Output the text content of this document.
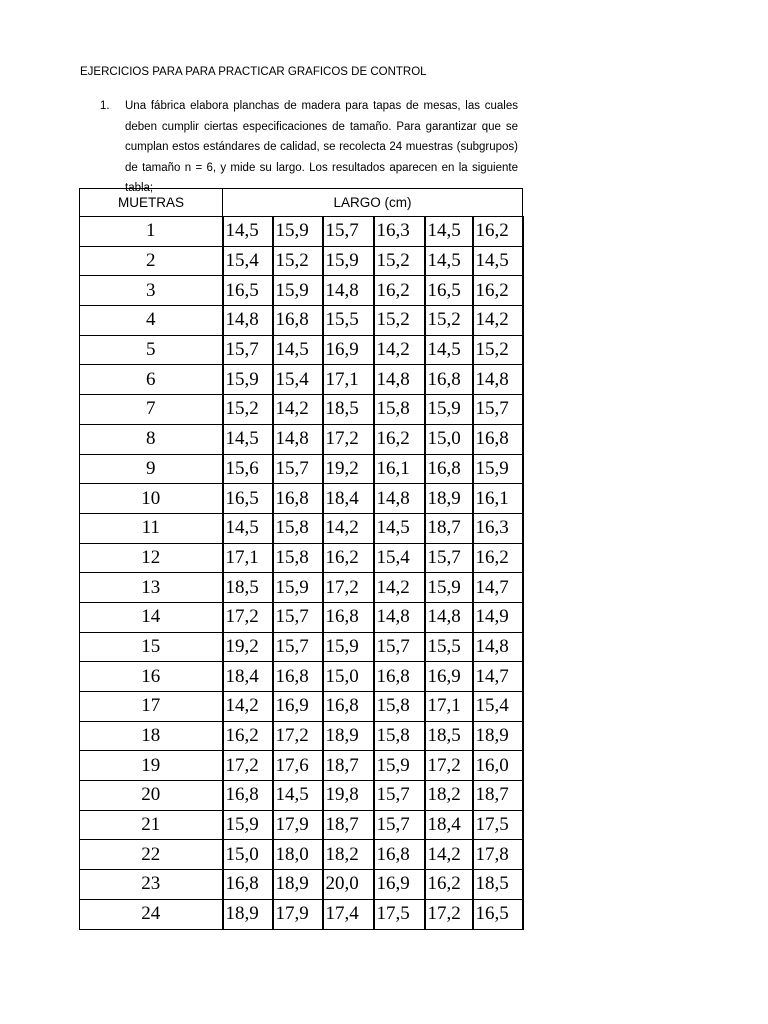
EJERCICIOS PARA PARA PRACTICAR GRAFICOS DE CONTROL
1. Una fábrica elabora planchas de madera para tapas de mesas, las cuales deben cumplir ciertas especificaciones de tamaño. Para garantizar que se cumplan estos estándares de calidad, se recolecta 24 muestras (subgrupos) de tamaño n = 6, y mide su largo. Los resultados aparecen en la siguiente tabla;
MUETRAS	LARGO (cm)					
1	14,5	15,9	15,7	16,3	14,5	16,2
2	15,4	15,2	15,9	15,2	14,5	14,5
3	16,5	15,9	14,8	16,2	16,5	16,2
4	14,8	16,8	15,5	15,2	15,2	14,2
5	15,7	14,5	16,9	14,2	14,5	15,2
6	15,9	15,4	17,1	14,8	16,8	14,8
7	15,2	14,2	18,5	15,8	15,9	15,7
8	14,5	14,8	17,2	16,2	15,0	16,8
9	15,6	15,7	19,2	16,1	16,8	15,9
10	16,5	16,8	18,4	14,8	18,9	16,1
11	14,5	15,8	14,2	14,5	18,7	16,3
12	17,1	15,8	16,2	15,4	15,7	16,2
13	18,5	15,9	17,2	14,2	15,9	14,7
14	17,2	15,7	16,8	14,8	14,8	14,9
15	19,2	15,7	15,9	15,7	15,5	14,8
16	18,4	16,8	15,0	16,8	16,9	14,7
17	14,2	16,9	16,8	15,8	17,1	15,4
18	16,2	17,2	18,9	15,8	18,5	18,9
19	17,2	17,6	18,7	15,9	17,2	16,0
20	16,8	14,5	19,8	15,7	18,2	18,7
21	15,9	17,9	18,7	15,7	18,4	17,5
22	15,0	18,0	18,2	16,8	14,2	17,8
23	16,8	18,9	20,0	16,9	16,2	18,5
24	18,9	17,9	17,4	17,5	17,2	16,5
